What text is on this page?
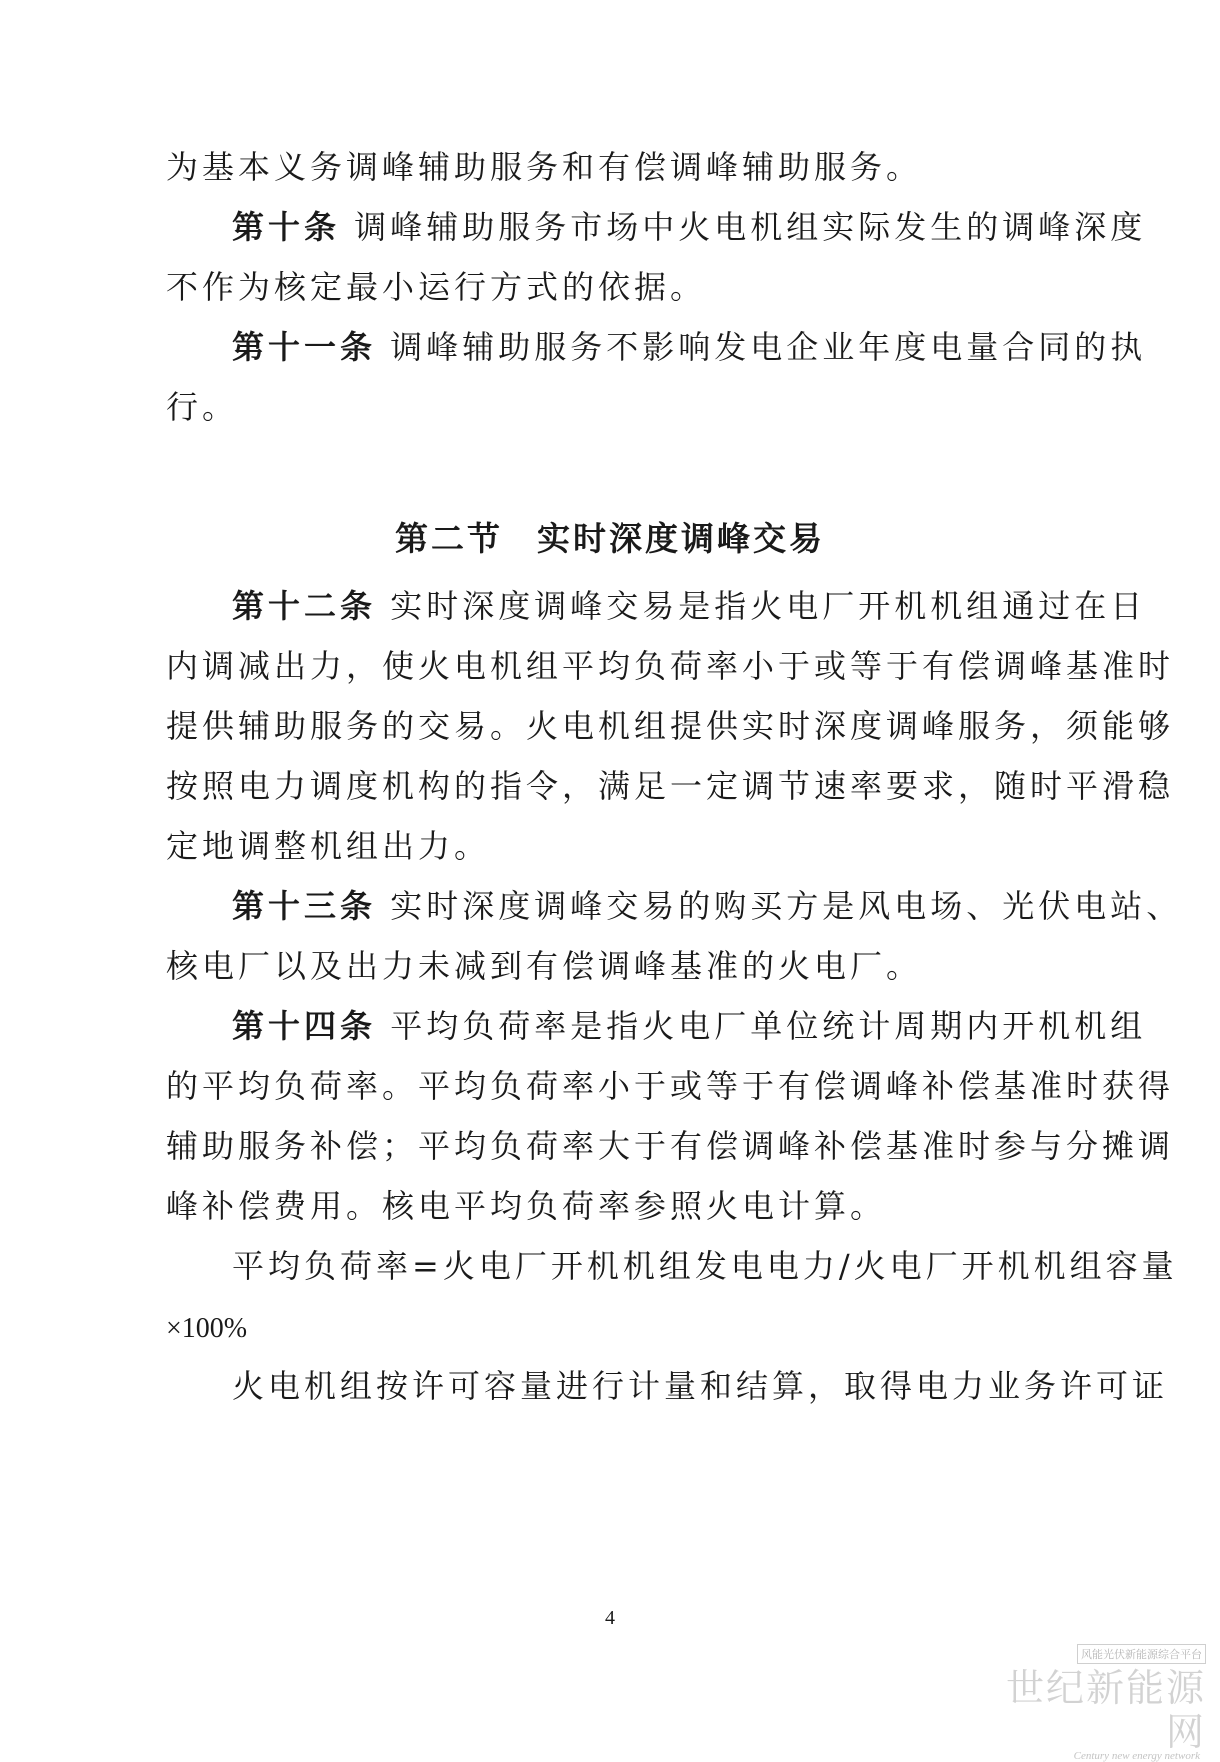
为基本义务调峰辅助服务和有偿调峰辅助服务。
第十条 调峰辅助服务市场中火电机组实际发生的调峰深度
不作为核定最小运行方式的依据。
第十一条 调峰辅助服务不影响发电企业年度电量合同的执
行。
第二节 实时深度调峰交易
第十二条 实时深度调峰交易是指火电厂开机机组通过在日
内调减出力，使火电机组平均负荷率小于或等于有偿调峰基准时
提供辅助服务的交易。火电机组提供实时深度调峰服务，须能够
按照电力调度机构的指令，满足一定调节速率要求，随时平滑稳
定地调整机组出力。
第十三条 实时深度调峰交易的购买方是风电场、光伏电站、
核电厂以及出力未减到有偿调峰基准的火电厂。
第十四条 平均负荷率是指火电厂单位统计周期内开机机组
的平均负荷率。平均负荷率小于或等于有偿调峰补偿基准时获得
辅助服务补偿；平均负荷率大于有偿调峰补偿基准时参与分摊调
峰补偿费用。核电平均负荷率参照火电计算。
平均负荷率=火电厂开机机组发电电力/火电厂开机机组容量
×100%
火电机组按许可容量进行计量和结算，取得电力业务许可证
4
风能光伏新能源综合平台
世纪新能源网
Century new energy network
